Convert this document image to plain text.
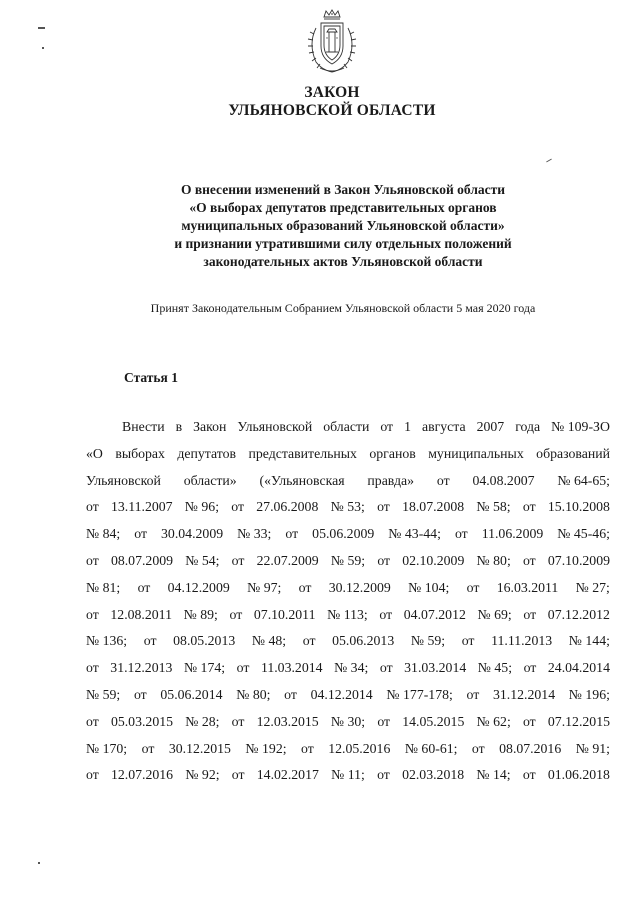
ЗАКОН
УЛЬЯНОВСКОЙ ОБЛАСТИ
О внесении изменений в Закон Ульяновской области
«О выборах депутатов представительных органов
муниципальных образований Ульяновской области»
и признании утратившими силу отдельных положений
законодательных актов Ульяновской области
Принят Законодательным Собранием Ульяновской области 5 мая 2020 года
Статья 1
Внести в Закон Ульяновской области от 1 августа 2007 года № 109-ЗО
«О выборах депутатов представительных органов муниципальных образований
Ульяновской области» («Ульяновская правда» от 04.08.2007 № 64-65;
от 13.11.2007 № 96; от 27.06.2008 № 53; от 18.07.2008 № 58; от 15.10.2008
№ 84; от 30.04.2009 № 33; от 05.06.2009 № 43-44; от 11.06.2009 № 45-46;
от 08.07.2009 № 54; от 22.07.2009 № 59; от 02.10.2009 № 80; от 07.10.2009
№ 81; от 04.12.2009 № 97; от 30.12.2009 № 104; от 16.03.2011 № 27;
от 12.08.2011 № 89; от 07.10.2011 № 113; от 04.07.2012 № 69; от 07.12.2012
№ 136; от 08.05.2013 № 48; от 05.06.2013 № 59; от 11.11.2013 № 144;
от 31.12.2013 № 174; от 11.03.2014 № 34; от 31.03.2014 № 45; от 24.04.2014
№ 59; от 05.06.2014 № 80; от 04.12.2014 № 177-178; от 31.12.2014 № 196;
от 05.03.2015 № 28; от 12.03.2015 № 30; от 14.05.2015 № 62; от 07.12.2015
№ 170; от 30.12.2015 № 192; от 12.05.2016 № 60-61; от 08.07.2016 № 91;
от 12.07.2016 № 92; от 14.02.2017 № 11; от 02.03.2018 № 14; от 01.06.2018
